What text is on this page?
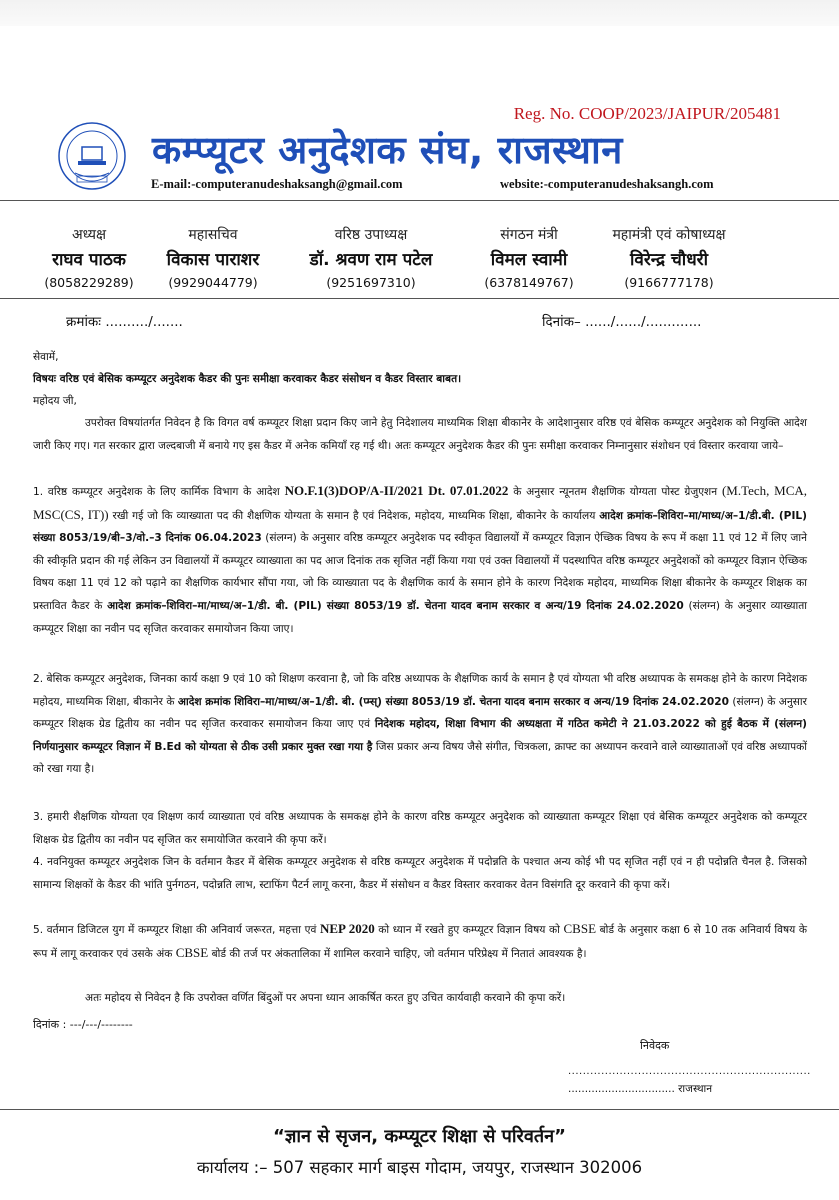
Reg. No. COOP/2023/JAIPUR/205481
कम्प्यूटर अनुदेशक संघ, राजस्थान
E-mail:-computeranudeshaksangh@gmail.com	website:-computeranudeshaksangh.com
अध्यक्ष
राघव पाठक
(8058229289)
महासचिव
विकास पाराशर
(9929044779)
वरिष्ठ उपाध्यक्ष
डॉ. श्रवण राम पटेल
(9251697310)
संगठन मंत्री
विमल स्वामी
(6378149767)
महामंत्री एवं कोषाध्यक्ष
विरेन्द्र चौधरी
(9166777178)
क्रमांकः ........../.......	दिनांक– ....../....../.............
सेवामें,
विषयः वरिष्ठ एवं बेसिक कम्प्यूटर अनुदेशक कैडर की पुनः समीक्षा करवाकर कैडर संसोधन व कैडर विस्तार बाबत।
महोदय जी,
उपरोक्त विषयांतर्गत निवेदन है कि विगत वर्ष कम्प्यूटर शिक्षा प्रदान किए जाने हेतु निदेशालय माध्यमिक शिक्षा बीकानेर के आदेशानुसार वरिष्ठ एवं बेसिक कम्प्यूटर अनुदेशक को नियुक्ति आदेश जारी किए गए। गत सरकार द्वारा जल्दबाजी में बनाये गए इस कैडर में अनेक कमियाँ रह गई थी। अतः कम्प्यूटर अनुदेशक कैडर की पुनः समीक्षा करवाकर निम्नानुसार संशोधन एवं विस्तार करवाया जाये–
1. वरिष्ठ कम्प्यूटर अनुदेशक के लिए कार्मिक विभाग के आदेश NO.F.1(3)DOP/A-II/2021 Dt. 07.01.2022 के अनुसार न्यूनतम शैक्षणिक योग्यता पोस्ट ग्रेजुएशन (M.Tech, MCA, MSC(CS, IT)) रखी गई जो कि व्याख्याता पद की शैक्षणिक योग्यता के समान है एवं निदेशक, महोदय, माध्यमिक शिक्षा, बीकानेर के कार्यालय आदेश क्रमांक–शिविरा–मा/माध्य/अ–1/डी.बी. (PIL) संख्या 8053/19/बी–3/वो.–3 दिनांक 06.04.2023 (संलग्न) के अनुसार वरिष्ठ कम्प्यूटर अनुदेशक पद स्वीकृत विद्यालयों में कम्प्यूटर विज्ञान ऐच्छिक विषय के रूप में कक्षा 11 एवं 12 में लिए जाने की स्वीकृति प्रदान की गई लेकिन उन विद्यालयों में कम्प्यूटर व्याख्याता का पद आज दिनांक तक सृजित नहीं किया गया एवं उक्त विद्यालयों में पदस्थापित वरिष्ठ कम्प्यूटर अनुदेशकों को कम्प्यूटर विज्ञान ऐच्छिक विषय कक्षा 11 एवं 12 को पढ़ाने का शैक्षणिक कार्यभार सौंपा गया, जो कि व्याख्याता पद के शैक्षणिक कार्य के समान होने के कारण निदेशक महोदय, माध्यमिक शिक्षा बीकानेर के कम्प्यूटर शिक्षक का प्रस्तावित कैडर के आदेश क्रमांक–शिविरा–मा/माध्य/अ–1/डी. बी. (PIL) संख्या 8053/19 डॉ. चेतना यादव बनाम सरकार व अन्य/19 दिनांक 24.02.2020 (संलग्न) के अनुसार व्याख्याता कम्प्यूटर शिक्षा का नवीन पद सृजित करवाकर समायोजन किया जाए।
2. बेसिक कम्प्यूटर अनुदेशक, जिनका कार्य कक्षा 9 एवं 10 को शिक्षण करवाना है, जो कि वरिष्ठ अध्यापक के शैक्षणिक कार्य के समान है एवं योग्यता भी वरिष्ठ अध्यापक के समकक्ष होने के कारण निदेशक महोदय, माध्यमिक शिक्षा, बीकानेर के आदेश क्रमांक शिविरा–मा/माध्य/अ–1/डी. बी. (प्म्स्) संख्या 8053/19 डॉ. चेतना यादव बनाम सरकार व अन्य/19 दिनांक 24.02.2020 (संलग्न) के अनुसार कम्प्यूटर शिक्षक ग्रेड द्वितीय का नवीन पद सृजित करवाकर समायोजन किया जाए एवं निदेशक महोदय, शिक्षा विभाग की अध्यक्षता में गठित कमेटी ने 21.03.2022 को हुई बैठक में (संलग्न) निर्णयानुसार कम्प्यूटर विज्ञान में B.Ed को योग्यता से ठीक उसी प्रकार मुक्त रखा गया है जिस प्रकार अन्य विषय जैसे संगीत, चित्रकला, क्राफ्ट का अध्यापन करवाने वाले व्याख्याताओं एवं वरिष्ठ अध्यापकों को रखा गया है।
3. हमारी शैक्षणिक योग्यता एव शिक्षण कार्य व्याख्याता एवं वरिष्ठ अध्यापक के समकक्ष होने के कारण वरिष्ठ कम्प्यूटर अनुदेशक को व्याख्याता कम्प्यूटर शिक्षा एवं बेसिक कम्प्यूटर अनुदेशक को कम्प्यूटर शिक्षक ग्रेड द्वितीय का नवीन पद सृजित कर समायोजित करवाने की कृपा करें।
4. नवनियुक्त कम्प्यूटर अनुदेशक जिन के वर्तमान कैडर में बेसिक कम्प्यूटर अनुदेशक से वरिष्ठ कम्प्यूटर अनुदेशक में पदोन्नति के पश्चात अन्य कोई भी पद सृजित नहीं एवं न ही पदोन्नति चैनल है. जिसको सामान्य शिक्षकों के कैडर की भांति पुर्नगठन, पदोन्नति लाभ, स्टाफिंग पैटर्न लागू करना, कैडर में संसोधन व कैडर विस्तार करवाकर वेतन विसंगति दूर करवाने की कृपा करें।
5. वर्तमान डिजिटल युग में कम्प्यूटर शिक्षा की अनिवार्य जरूरत, महत्ता एवं NEP 2020 को ध्यान में रखते हुए कम्प्यूटर विज्ञान विषय को CBSE बोर्ड के अनुसार कक्षा 6 से 10 तक अनिवार्य विषय के रूप में लागू करवाकर एवं उसके अंक CBSE बोर्ड की तर्ज पर अंकतालिका में शामिल करवाने चाहिए, जो वर्तमान परिप्रेक्ष्य में नितातं आवश्यक है।
अतः महोदय से निवेदन है कि उपरोक्त वर्णित बिंदुओं पर अपना ध्यान आकर्षित करत हुए उचित कार्यवाही करवाने की कृपा करें।
दिनांक : ---/---/--------
निवेदक
..................................................................
................................ राजस्थान
“ज्ञान से सृजन, कम्प्यूटर शिक्षा से परिवर्तन”
कार्यालय :– 507 सहकार मार्ग बाइस गोदाम, जयपुर, राजस्थान 302006
